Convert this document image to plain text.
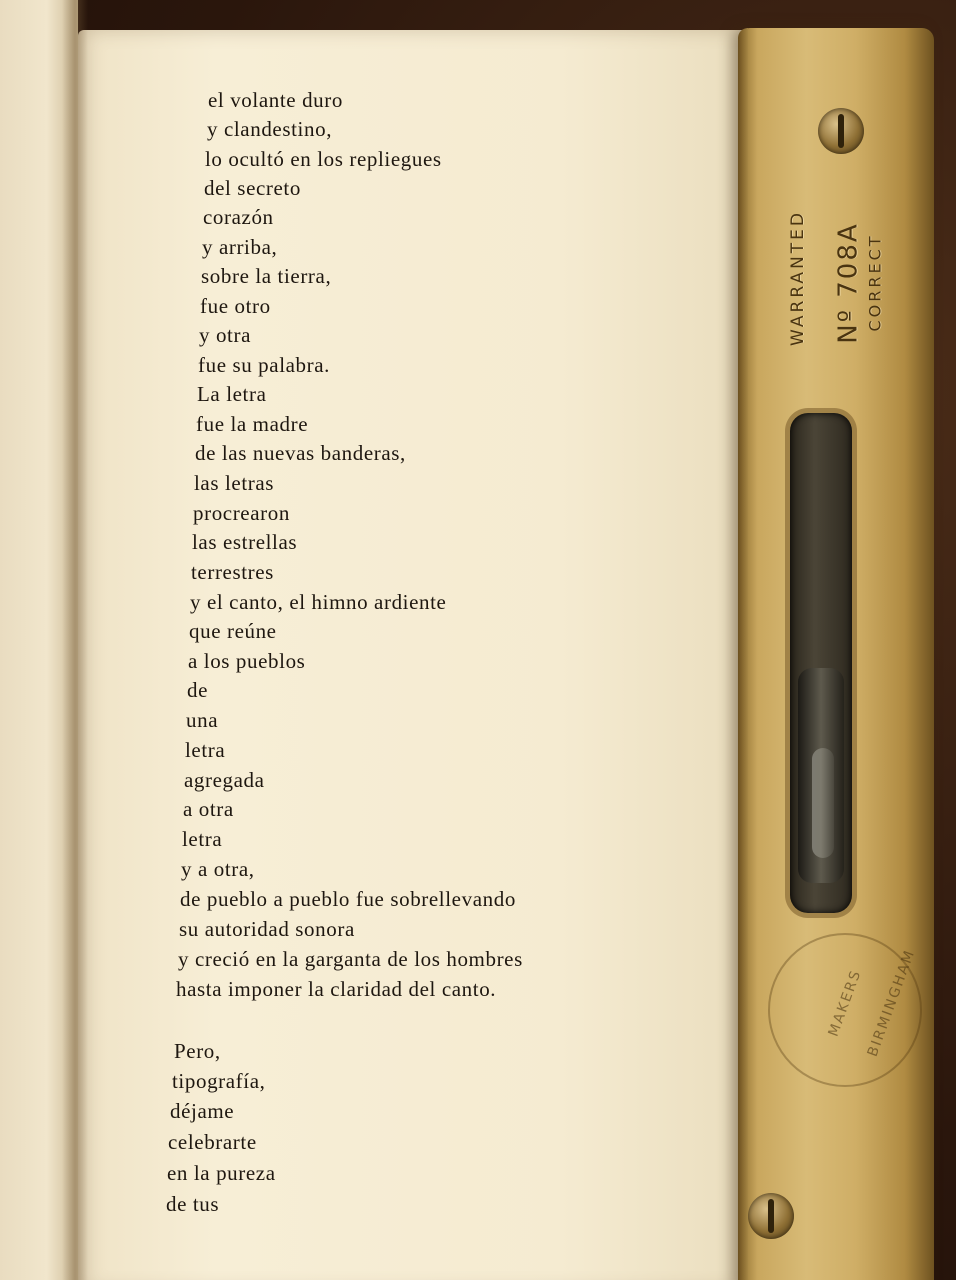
el volante duro
y clandestino,
lo ocultó en los repliegues
del secreto
corazón
y arriba,
sobre la tierra,
fue otro
y otra
fue su palabra.
La letra
fue la madre
de las nuevas banderas,
las letras
procrearon
las estrellas
terrestres
y el canto, el himno ardiente
que reúne
a los pueblos
de
una
letra
agregada
a otra
letra
y a otra,
de pueblo a pueblo fue sobrellevando
su autoridad sonora
y creció en la garganta de los hombres
hasta imponer la claridad del canto.
Pero,
tipografía,
déjame
celebrarte
en la pureza
de tus
WARRANTED Nº 708A CORRECT
MAKERS BIRMINGHAM
